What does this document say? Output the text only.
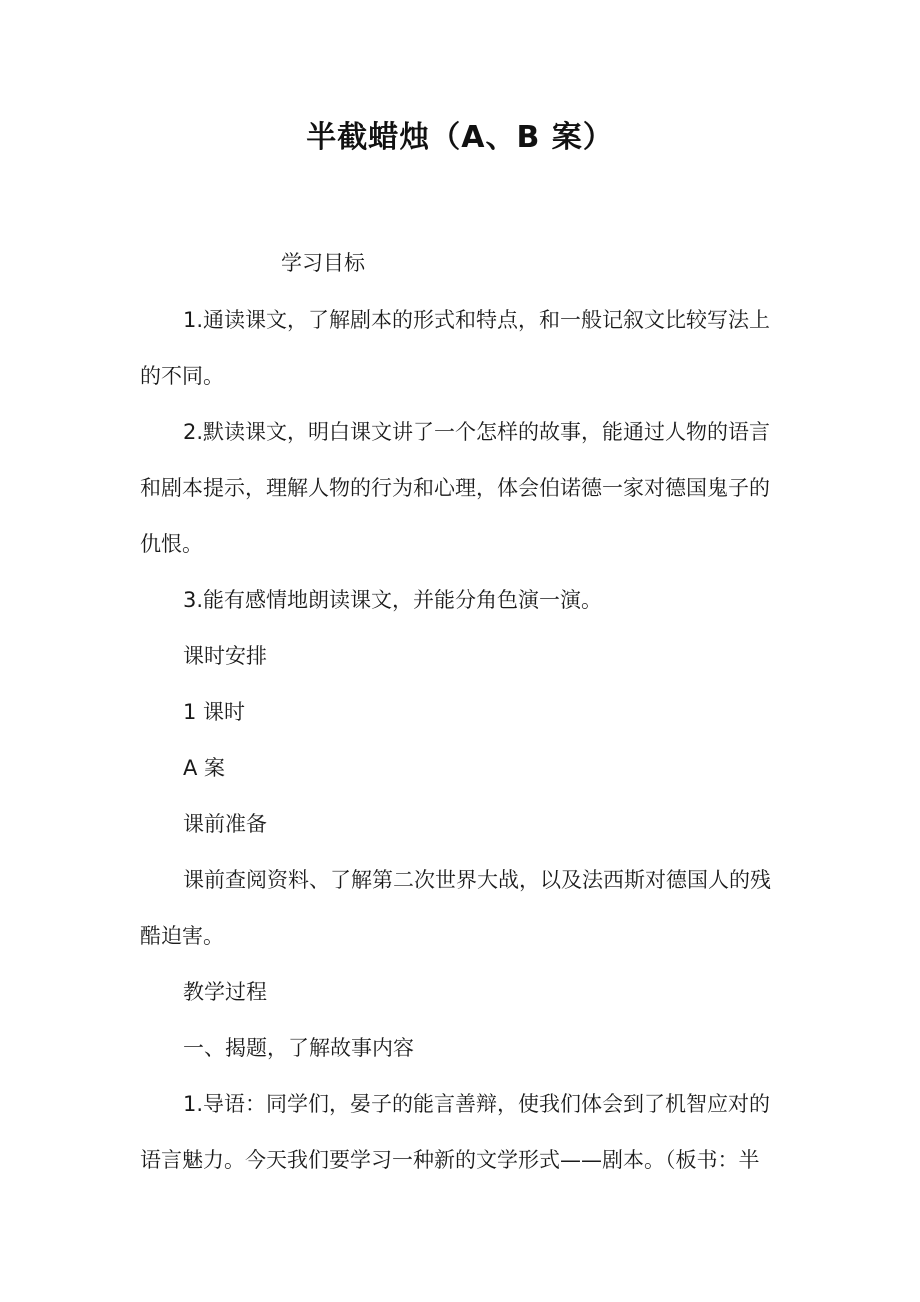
半截蜡烛（A、B 案）
学习目标
1.通读课文，了解剧本的形式和特点，和一般记叙文比较写法上
的不同。
2.默读课文，明白课文讲了一个怎样的故事，能通过人物的语言
和剧本提示，理解人物的行为和心理，体会伯诺德一家对德国鬼子的
仇恨。
3.能有感情地朗读课文，并能分角色演一演。
课时安排
1 课时
A 案
课前准备
课前查阅资料、了解第二次世界大战，以及法西斯对德国人的残
酷迫害。
教学过程
一、揭题，了解故事内容
1.导语：同学们，晏子的能言善辩，使我们体会到了机智应对的
语言魅力。今天我们要学习一种新的文学形式——剧本。（板书：半
